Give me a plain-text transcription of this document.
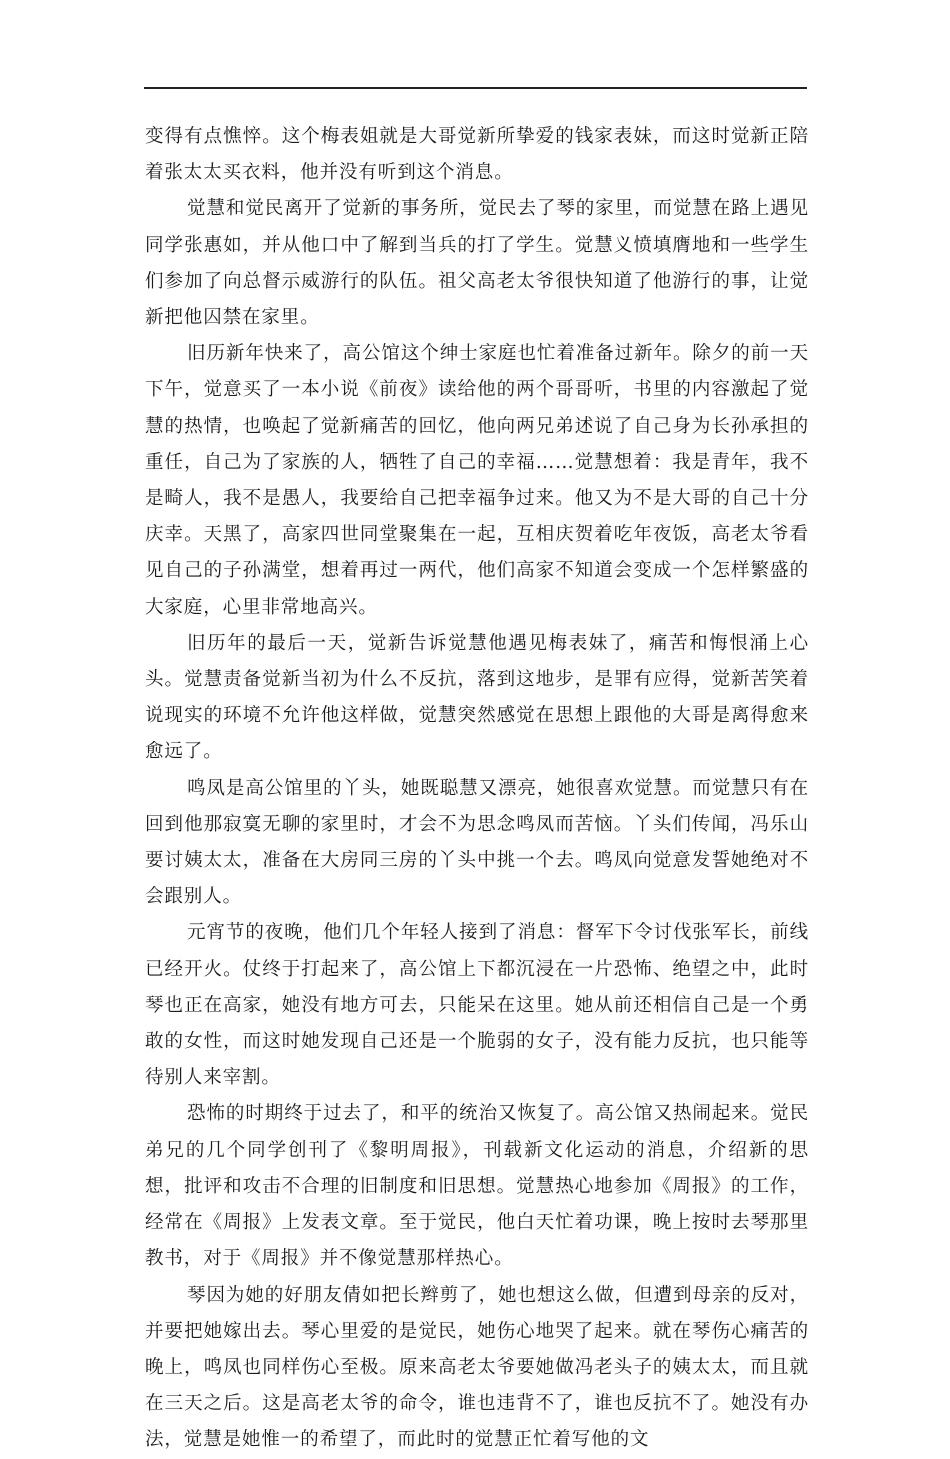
变得有点憔悴。这个梅表姐就是大哥觉新所挚爱的钱家表妹，而这时觉新正陪着张太太买衣料，他并没有听到这个消息。

觉慧和觉民离开了觉新的事务所，觉民去了琴的家里，而觉慧在路上遇见同学张惠如，并从他口中了解到当兵的打了学生。觉慧义愤填膺地和一些学生们参加了向总督示威游行的队伍。祖父高老太爷很快知道了他游行的事，让觉新把他囚禁在家里。

旧历新年快来了，高公馆这个绅士家庭也忙着准备过新年。除夕的前一天下午，觉意买了一本小说《前夜》读给他的两个哥哥听，书里的内容激起了觉慧的热情，也唤起了觉新痛苦的回忆，他向两兄弟述说了自己身为长孙承担的重任，自己为了家族的人，牺牲了自己的幸福……觉慧想着：我是青年，我不是畸人，我不是愚人，我要给自己把幸福争过来。他又为不是大哥的自己十分庆幸。天黑了，高家四世同堂聚集在一起，互相庆贺着吃年夜饭，高老太爷看见自己的子孙满堂，想着再过一两代，他们高家不知道会变成一个怎样繁盛的大家庭，心里非常地高兴。

旧历年的最后一天，觉新告诉觉慧他遇见梅表妹了，痛苦和悔恨涌上心头。觉慧责备觉新当初为什么不反抗，落到这地步，是罪有应得，觉新苦笑着说现实的环境不允许他这样做，觉慧突然感觉在思想上跟他的大哥是离得愈来愈远了。

鸣凤是高公馆里的丫头，她既聪慧又漂亮，她很喜欢觉慧。而觉慧只有在回到他那寂寞无聊的家里时，才会不为思念鸣凤而苦恼。丫头们传闻，冯乐山要讨姨太太，准备在大房同三房的丫头中挑一个去。鸣凤向觉意发誓她绝对不会跟别人。

元宵节的夜晚，他们几个年轻人接到了消息：督军下令讨伐张军长，前线已经开火。仗终于打起来了，高公馆上下都沉浸在一片恐怖、绝望之中，此时琴也正在高家，她没有地方可去，只能呆在这里。她从前还相信自己是一个勇敢的女性，而这时她发现自己还是一个脆弱的女子，没有能力反抗，也只能等待别人来宰割。

恐怖的时期终于过去了，和平的统治又恢复了。高公馆又热闹起来。觉民弟兄的几个同学创刊了《黎明周报》，刊载新文化运动的消息，介绍新的思想，批评和攻击不合理的旧制度和旧思想。觉慧热心地参加《周报》的工作，经常在《周报》上发表文章。至于觉民，他白天忙着功课，晚上按时去琴那里教书，对于《周报》并不像觉慧那样热心。

琴因为她的好朋友倩如把长辫剪了，她也想这么做，但遭到母亲的反对，并要把她嫁出去。琴心里爱的是觉民，她伤心地哭了起来。就在琴伤心痛苦的晚上，鸣凤也同样伤心至极。原来高老太爷要她做冯老头子的姨太太，而且就在三天之后。这是高老太爷的命令，谁也违背不了，谁也反抗不了。她没有办法，觉慧是她惟一的希望了，而此时的觉慧正忙着写他的文
